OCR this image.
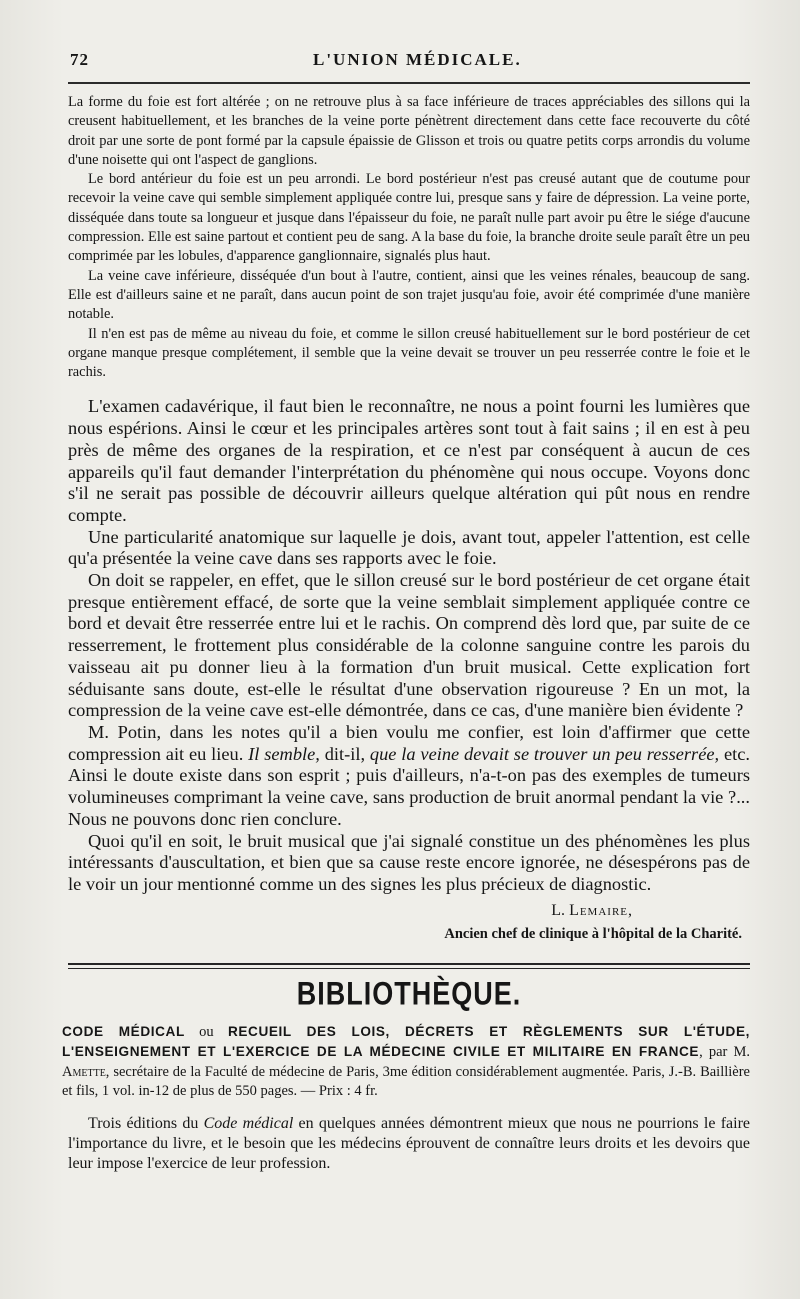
72	L'UNION MÉDICALE.

La forme du foie est fort altérée ; on ne retrouve plus à sa face inférieure de traces appréciables des sillons qui la creusent habituellement, et les branches de la veine porte pénètrent directement dans cette face recouverte du côté droit par une sorte de pont formé par la capsule épaissie de Glisson et trois ou quatre petits corps arrondis du volume d'une noisette qui ont l'aspect de ganglions.

Le bord antérieur du foie est un peu arrondi. Le bord postérieur n'est pas creusé autant que de coutume pour recevoir la veine cave qui semble simplement appliquée contre lui, presque sans y faire de dépression. La veine porte, disséquée dans toute sa longueur et jusque dans l'épaisseur du foie, ne paraît nulle part avoir pu être le siége d'aucune compression. Elle est saine partout et contient peu de sang. A la base du foie, la branche droite seule paraît être un peu comprimée par les lobules, d'apparence ganglionnaire, signalés plus haut.

La veine cave inférieure, disséquée d'un bout à l'autre, contient, ainsi que les veines rénales, beaucoup de sang. Elle est d'ailleurs saine et ne paraît, dans aucun point de son trajet jusqu'au foie, avoir été comprimée d'une manière notable.

Il n'en est pas de même au niveau du foie, et comme le sillon creusé habituellement sur le bord postérieur de cet organe manque presque complétement, il semble que la veine devait se trouver un peu resserrée contre le foie et le rachis.

L'examen cadavérique, il faut bien le reconnaître, ne nous a point fourni les lumières que nous espérions. Ainsi le cœur et les principales artères sont tout à fait sains ; il en est à peu près de même des organes de la respiration, et ce n'est par conséquent à aucun de ces appareils qu'il faut demander l'interprétation du phénomène qui nous occupe. Voyons donc s'il ne serait pas possible de découvrir ailleurs quelque altération qui pût nous en rendre compte.

Une particularité anatomique sur laquelle je dois, avant tout, appeler l'attention, est celle qu'a présentée la veine cave dans ses rapports avec le foie.

On doit se rappeler, en effet, que le sillon creusé sur le bord postérieur de cet organe était presque entièrement effacé, de sorte que la veine semblait simplement appliquée contre ce bord et devait être resserrée entre lui et le rachis. On comprend dès lord que, par suite de ce resserrement, le frottement plus considérable de la colonne sanguine contre les parois du vaisseau ait pu donner lieu à la formation d'un bruit musical. Cette explication fort séduisante sans doute, est-elle le résultat d'une observation rigoureuse ? En un mot, la compression de la veine cave est-elle démontrée, dans ce cas, d'une manière bien évidente ?

M. Potin, dans les notes qu'il a bien voulu me confier, est loin d'affirmer que cette compression ait eu lieu. Il semble, dit-il, que la veine devait se trouver un peu resserrée, etc. Ainsi le doute existe dans son esprit ; puis d'ailleurs, n'a-t-on pas des exemples de tumeurs volumineuses comprimant la veine cave, sans production de bruit anormal pendant la vie ?... Nous ne pouvons donc rien conclure.

Quoi qu'il en soit, le bruit musical que j'ai signalé constitue un des phénomènes les plus intéressants d'auscultation, et bien que sa cause reste encore ignorée, ne désespérons pas de le voir un jour mentionné comme un des signes les plus précieux de diagnostic.

L. Lemaire,
Ancien chef de clinique à l'hôpital de la Charité.
BIBLIOTHÈQUE.

CODE MÉDICAL ou RECUEIL DES LOIS, DÉCRETS ET RÈGLEMENTS SUR L'ÉTUDE, L'ENSEIGNEMENT ET L'EXERCICE DE LA MÉDECINE CIVILE ET MILITAIRE EN FRANCE, par M. Amette, secrétaire de la Faculté de médecine de Paris, 3me édition considérablement augmentée. Paris, J.-B. Baillière et fils, 1 vol. in-12 de plus de 550 pages. — Prix : 4 fr.

Trois éditions du Code médical en quelques années démontrent mieux que nous ne pourrions le faire l'importance du livre, et le besoin que les médecins éprouvent de connaître leurs droits et les devoirs que leur impose l'exercice de leur profession.
